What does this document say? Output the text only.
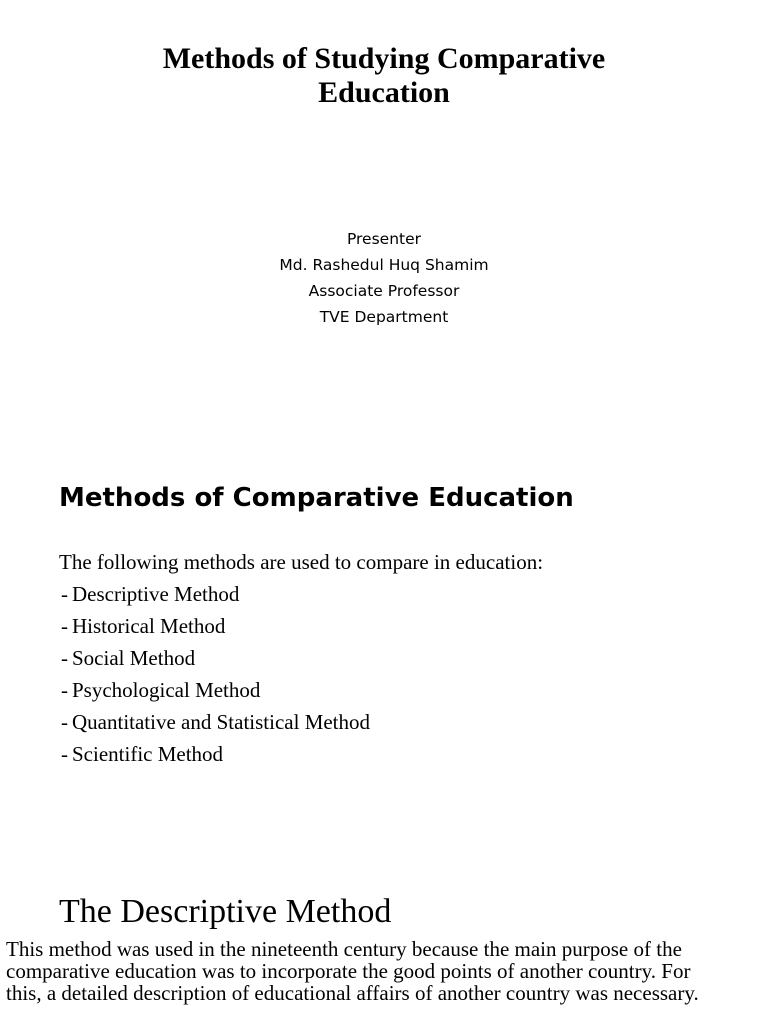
Methods of Studying Comparative
Education
Presenter
Md. Rashedul Huq Shamim
Associate Professor
TVE Department
Methods of Comparative Education
The following methods are used to compare in education:
- Descriptive Method
- Historical Method
- Social Method
- Psychological Method
- Quantitative and Statistical Method
- Scientific Method
The Descriptive Method
This method was used in the nineteenth century because the main purpose of the
comparative education was to incorporate the good points of another country. For
this, a detailed description of educational affairs of another country was necessary.
